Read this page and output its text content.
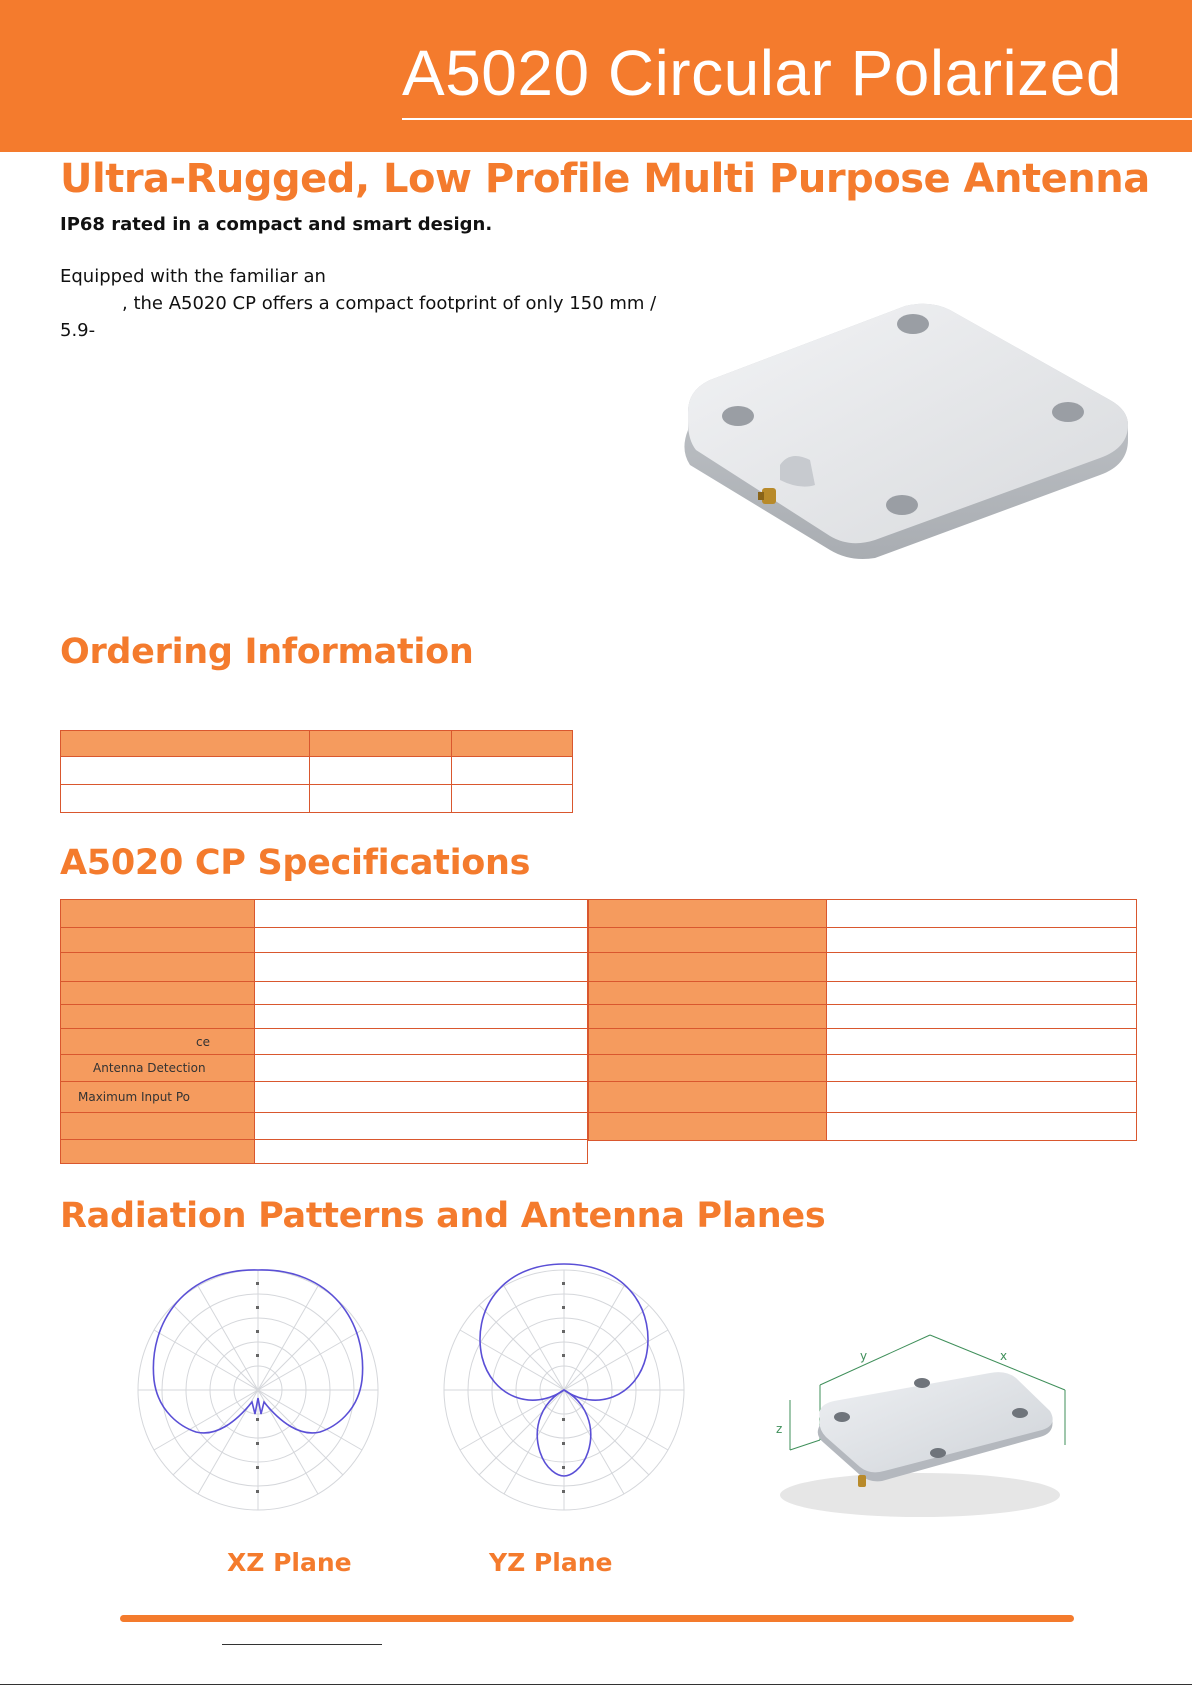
A5020 Circular Polarized
Ultra-Rugged, Low Profile Multi Purpose Antenna
IP68 rated in a compact and smart design.
Equipped with the familiar an
, the A5020 CP offers a compact footprint of only 150 mm /
5.9-
Ordering Information

A5020 CP Specifications

ce	
Antenna Detection	
Maximum Input Po	

Radiation Patterns and Antenna Planes
y	x
z
XZ Plane	YZ Plane
